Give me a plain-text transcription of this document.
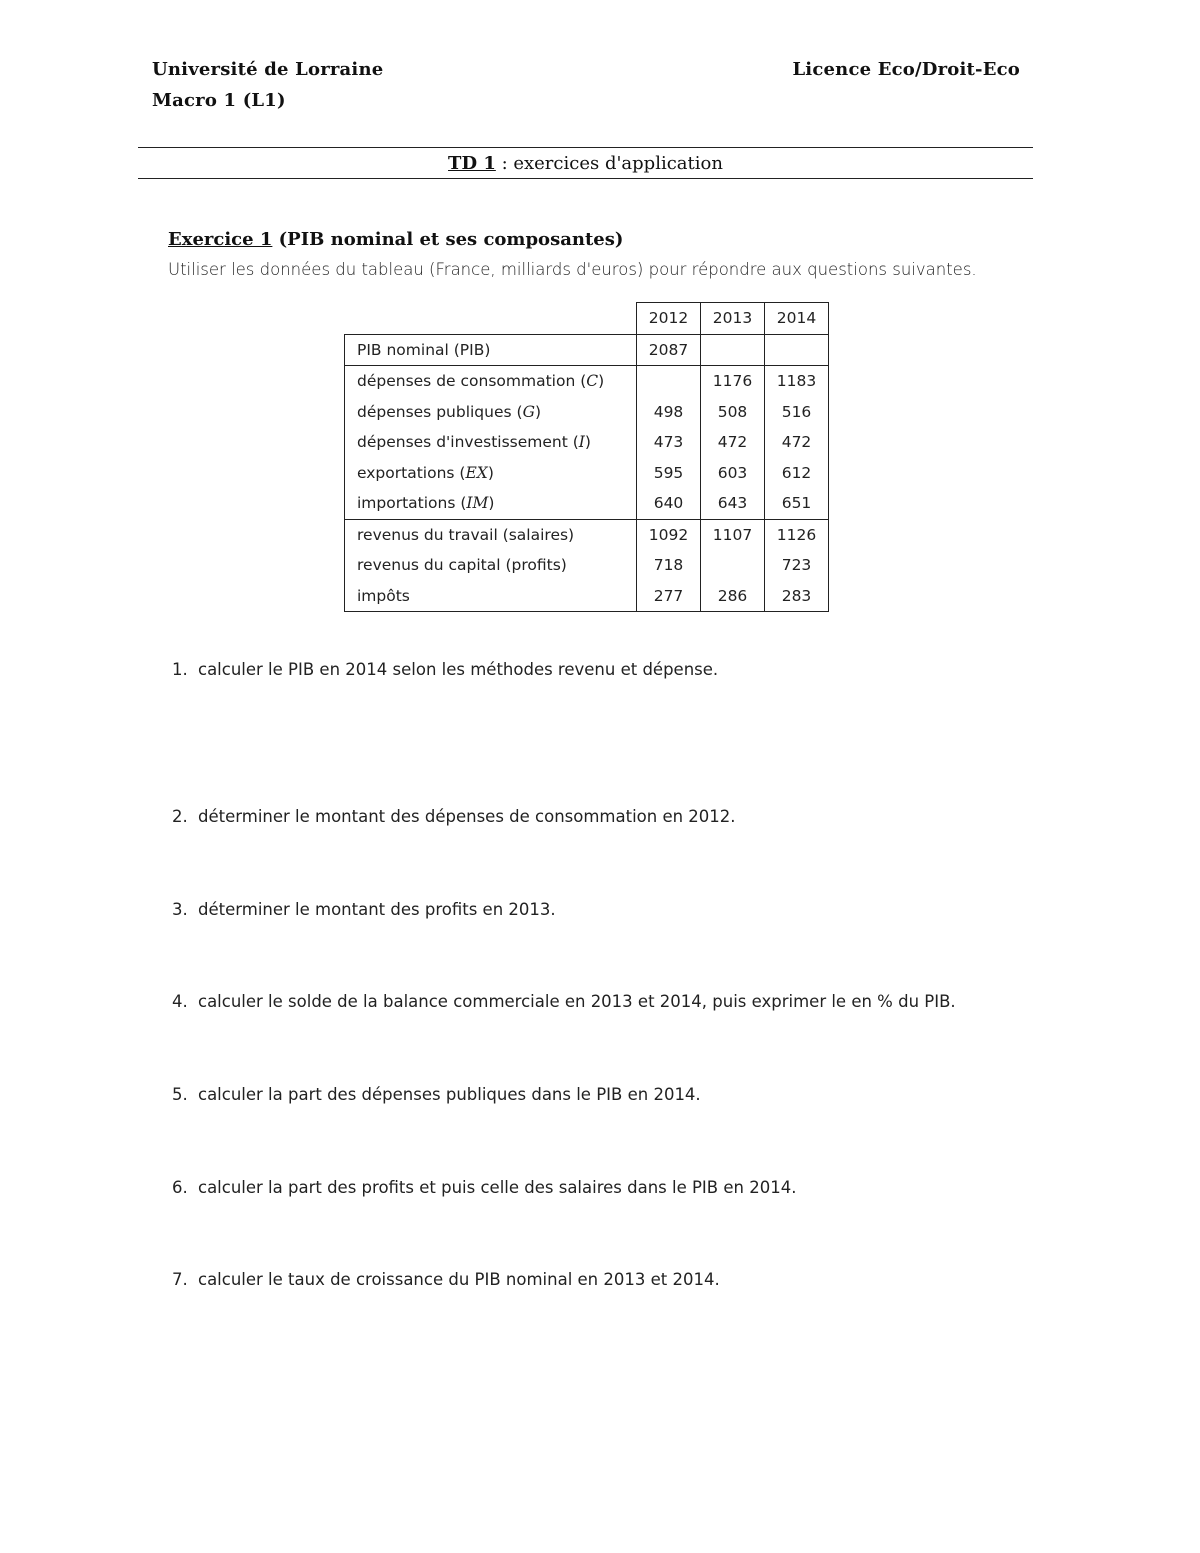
Université de Lorraine
Macro 1 (L1)
Licence Eco/Droit-Eco
TD 1 : exercices d'application
Exercice 1 (PIB nominal et ses composantes)
Utiliser les données du tableau (France, milliards d'euros) pour répondre aux questions suivantes.
	2012	2013	2014
PIB nominal (PIB)	2087		
dépenses de consommation (C)		1176	1183
dépenses publiques (G)	498	508	516
dépenses d'investissement (I)	473	472	472
exportations (EX)	595	603	612
importations (IM)	640	643	651
revenus du travail (salaires)	1092	1107	1126
revenus du capital (profits)	718		723
impôts	277	286	283
1. calculer le PIB en 2014 selon les méthodes revenu et dépense.
2. déterminer le montant des dépenses de consommation en 2012.
3. déterminer le montant des profits en 2013.
4. calculer le solde de la balance commerciale en 2013 et 2014, puis exprimer le en % du PIB.
5. calculer la part des dépenses publiques dans le PIB en 2014.
6. calculer la part des profits et puis celle des salaires dans le PIB en 2014.
7. calculer le taux de croissance du PIB nominal en 2013 et 2014.
